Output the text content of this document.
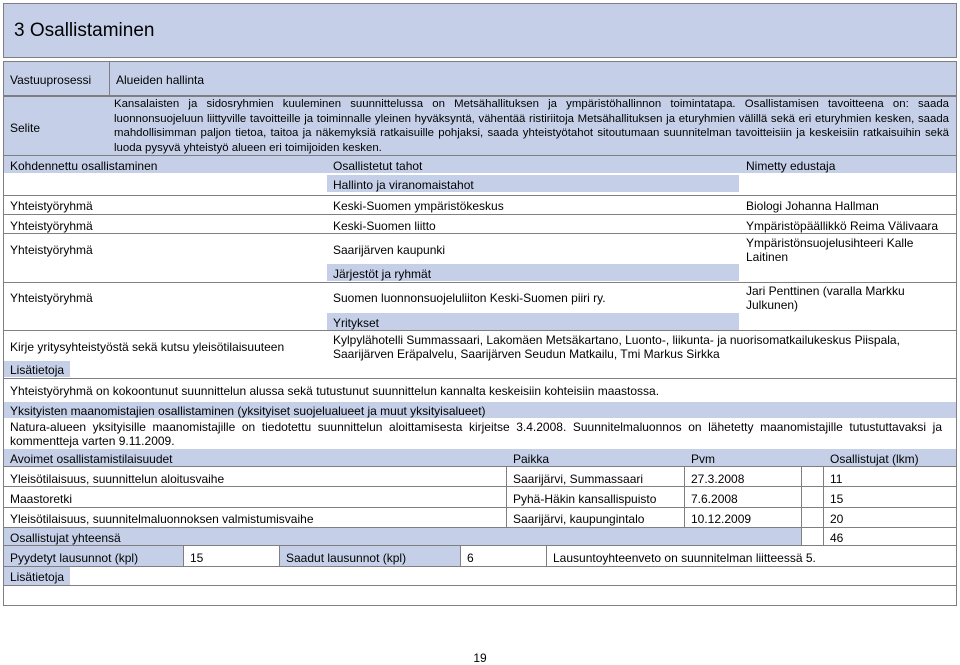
3 Osallistaminen
Vastuuprosessi	Alueiden hallinta
Selite
Kansalaisten ja sidosryhmien kuuleminen suunnittelussa on Metsähallituksen ja ympäristöhallinnon toimintatapa. Osallistamisen tavoitteena on: saada luonnonsuojeluun liittyville tavoitteille ja toiminnalle yleinen hyväksyntä, vähentää ristiriitoja Metsähallituksen ja eturyhmien välillä sekä eri eturyhmien kesken, saada mahdollisimman paljon tietoa, taitoa ja näkemyksiä ratkaisuille pohjaksi, saada yhteistyötahot sitoutumaan suunnitelman tavoitteisiin ja keskeisiin ratkaisuihin sekä luoda pysyvä yhteistyö alueen eri toimijoiden kesken.
Kohdennettu osallistaminen	Osallistetut tahot	Nimetty edustaja
Hallinto ja viranomaistahot
Yhteistyöryhmä	Keski-Suomen ympäristökeskus	Biologi Johanna Hallman
Yhteistyöryhmä	Keski-Suomen liitto	Ympäristöpäällikkö Reima Välivaara
Yhteistyöryhmä	Saarijärven kaupunki	Ympäristönsuojelusihteeri Kalle Laitinen
Järjestöt ja ryhmät
Yhteistyöryhmä	Suomen luonnonsuojeluliiton Keski-Suomen piiri ry.	Jari Penttinen (varalla Markku Julkunen)
Yritykset
Kirje yritysyhteistyöstä sekä kutsu yleisötilaisuuteen	Kylpylähotelli Summassaari, Lakomäen Metsäkartano, Luonto-, liikunta- ja nuorisomatkailukeskus Piispala, Saarijärven Eräpalvelu, Saarijärven Seudun Matkailu, Tmi Markus Sirkka
Lisätietoja
Yhteistyöryhmä on kokoontunut suunnittelun alussa sekä tutustunut suunnittelun kannalta keskeisiin kohteisiin maastossa.
Yksityisten maanomistajien osallistaminen (yksityiset suojelualueet ja muut yksityisalueet)
Natura-alueen yksityisille maanomistajille on tiedotettu suunnittelun aloittamisesta kirjeitse 3.4.2008. Suunnitelmaluonnos on lähetetty maanomistajille tutustuttavaksi ja kommentteja varten 9.11.2009.
Avoimet osallistamistilaisuudet	Paikka	Pvm	Osallistujat (lkm)
Yleisötilaisuus, suunnittelun aloitusvaihe	Saarijärvi, Summassaari	27.3.2008	11
Maastoretki	Pyhä-Häkin kansallispuisto	7.6.2008	15
Yleisötilaisuus, suunnitelmaluonnoksen valmistumisvaihe	Saarijärvi, kaupungintalo	10.12.2009	20
Osallistujat yhteensä	46
Pyydetyt lausunnot (kpl)	15	Saadut lausunnot (kpl)	6	Lausuntoyhteenveto on suunnitelman liitteessä 5.
Lisätietoja
19
